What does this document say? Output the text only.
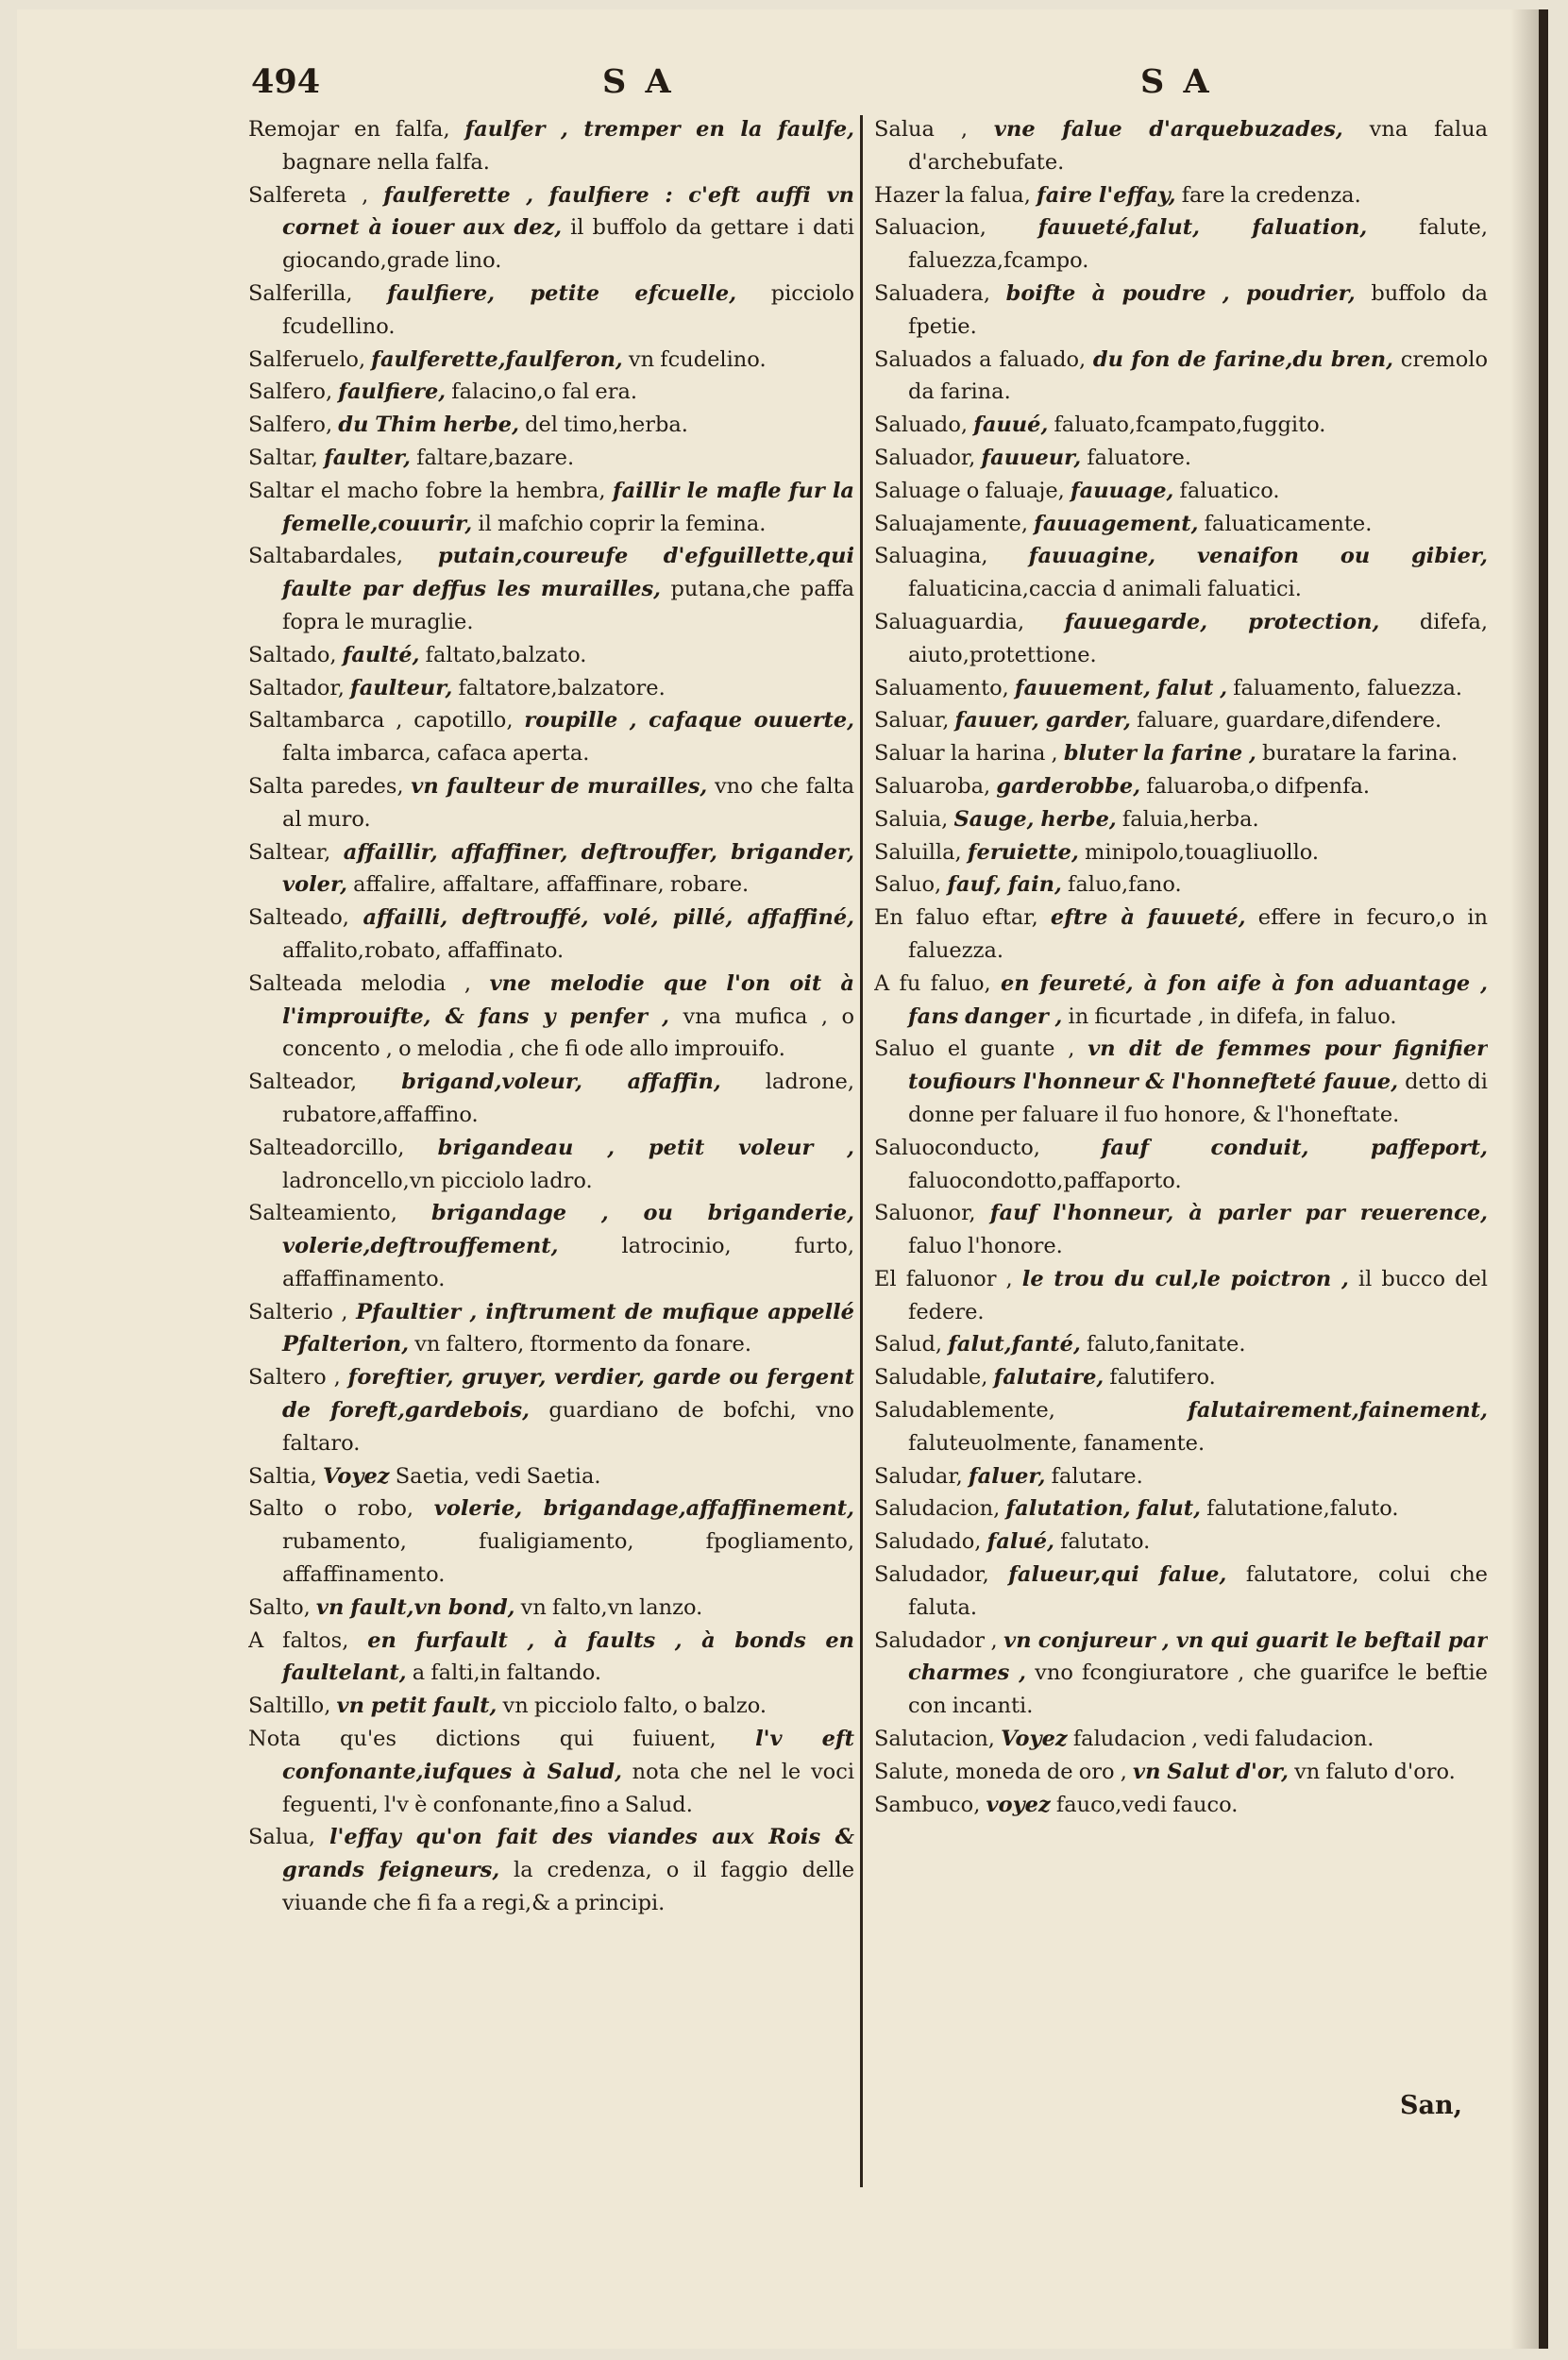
494	S A	S A

Remojar en falfa, faulfer , tremper en la faulfe, bagnare nella falfa.

Salfereta , faulferette , faulfiere : c'eft auffi vn cornet à iouer aux dez, il buffolo da gettare i dati giocando,grade lino.

Salferilla, faulfiere, petite efcuelle, picciolo fcudellino.

Salferuelo, faulferette,faulferon, vn fcudelino.

Salfero, faulfiere, falacino,o fal era.

Salfero, du Thim herbe, del timo,herba.

Saltar, faulter, faltare,bazare.

Saltar el macho fobre la hembra, faillir le mafle fur la femelle,couurir, il mafchio coprir la femina.

Saltabardales, putain,coureufe d'efguillette,qui faulte par deffus les murailles, putana,che paffa fopra le muraglie.

Saltado, faulté, faltato,balzato.

Saltador, faulteur, faltatore,balzatore.

Saltambarca , capotillo, roupille , cafaque ouuerte, falta imbarca, cafaca aperta.

Salta paredes, vn faulteur de murailles, vno che falta al muro.

Saltear, affaillir, affaffiner, deftrouffer, brigander, voler, affalire, affaltare, affaffinare, robare.

Salteado, affailli, deftrouffé, volé, pillé, affaffiné, affalito,robato, affaffinato.

Salteada melodia , vne melodie que l'on oit à l'improuifte, & fans y penfer , vna mufica , o concento , o melodia , che fi ode allo improuifo.

Salteador, brigand,voleur, affaffin, ladrone, rubatore,affaffino.

Salteadorcillo, brigandeau , petit voleur , ladroncello,vn picciolo ladro.

Salteamiento, brigandage , ou briganderie, volerie,deftrouffement,	latrocinio, furto, affaffinamento.

Salterio , Pfaultier , inftrument de mufique appellé Pfalterion, vn faltero, ftormento da fonare.

Saltero , foreftier, gruyer, verdier, garde ou fergent de foreft,gardebois, guardiano de bofchi, vno faltaro.

Saltia, Voyez Saetia, vedi Saetia.

Salto o robo, volerie, brigandage,affaffinement, rubamento, fualigiamento, fpogliamento, affaffinamento.

Salto, vn fault,vn bond, vn falto,vn lanzo.

A faltos, en furfault , à faults , à bonds en faultelant, a falti,in faltando.

Saltillo, vn petit fault, vn picciolo falto, o balzo.

Nota qu'es dictions qui fuiuent, l'v eft confonante,iufques à Salud, nota che nel le voci feguenti, l'v è confonante,fino a Salud.

Salua, l'effay qu'on fait des viandes aux Rois & grands feigneurs, la credenza, o il faggio delle viuande che fi fa a regi,& a principi.

Salua , vne falue d'arquebuzades, vna falua d'archebufate.

Hazer la falua, faire l'effay, fare la credenza.

Saluacion, fauueté,falut, faluation, falute, faluezza,fcampo.

Saluadera, boifte à poudre , poudrier, buffolo da fpetie.

Saluados a faluado, du fon de farine,du bren, cremolo da farina.

Saluado, fauué, faluato,fcampato,fuggito.

Saluador, fauueur, faluatore.

Saluage o faluaje, fauuage, faluatico.

Saluajamente, fauuagement, faluaticamente.

Saluagina, fauuagine, venaifon ou gibier, faluaticina,caccia d animali faluatici.

Saluaguardia, fauuegarde, protection, difefa, aiuto,protettione.

Saluamento, fauuement, falut , faluamento, faluezza.

Saluar, fauuer, garder, faluare, guardare,difendere.

Saluar la harina , bluter la farine , buratare la farina.

Saluaroba, garderobbe, faluaroba,o difpenfa.

Saluia, Sauge, herbe, faluia,herba.

Saluilla, feruiette, minipolo,touagliuollo.

Saluo, fauf, fain, faluo,fano.

En faluo eftar, eftre à fauueté, effere in fecuro,o in faluezza.

A fu faluo, en feureté, à fon aife à fon aduantage , fans danger , in ficurtade , in difefa, in faluo.

Saluo el guante , vn dit de femmes pour fignifier toufiours l'honneur & l'honnefteté fauue, detto di donne per faluare il fuo honore, & l'honeftate.

Saluoconducto,	fauf conduit, paffeport, faluocondotto,paffaporto.

Saluonor, fauf l'honneur, à parler par reuerence, faluo l'honore.

El faluonor , le trou du cul,le poictron , il bucco del federe.

Salud, falut,fanté, faluto,fanitate.

Saludable, falutaire, falutifero.

Saludablemente,	falutairement,fainement, faluteuolmente, fanamente.

Saludar, faluer, falutare.

Saludacion, falutation, falut, falutatione,faluto.

Saludado, falué, falutato.

Saludador, falueur,qui falue, falutatore, colui che faluta.

Saludador , vn conjureur , vn qui guarit le beftail par charmes , vno fcongiuratore , che guarifce le beftie con incanti.

Salutacion, Voyez faludacion , vedi faludacion.

Salute, moneda de oro , vn Salut d'or, vn faluto d'oro.

Sambuco, voyez fauco,vedi fauco.

San,
